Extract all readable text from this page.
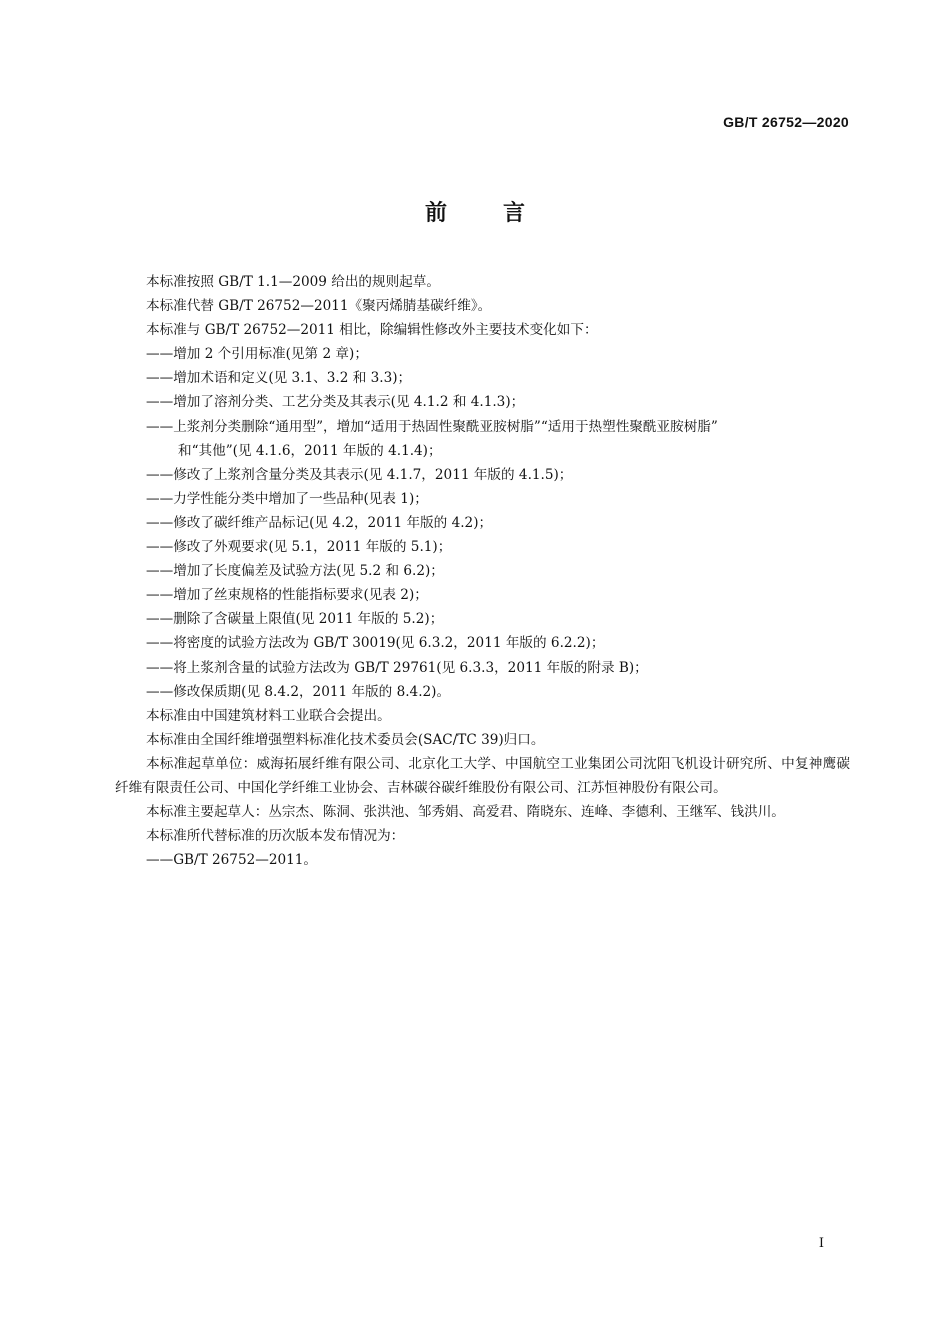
GB/T 26752—2020
前言

本标准按照 GB/T 1.1—2009 给出的规则起草。

本标准代替 GB/T 26752—2011《聚丙烯腈基碳纤维》。

本标准与 GB/T 26752—2011 相比，除编辑性修改外主要技术变化如下：

——增加 2 个引用标准(见第 2 章)；

——增加术语和定义(见 3.1、3.2 和 3.3)；

——增加了溶剂分类、工艺分类及其表示(见 4.1.2 和 4.1.3)；

——上浆剂分类删除“通用型”，增加“适用于热固性聚酰亚胺树脂”“适用于热塑性聚酰亚胺树脂”

和“其他”(见 4.1.6，2011 年版的 4.1.4)；

——修改了上浆剂含量分类及其表示(见 4.1.7，2011 年版的 4.1.5)；

——力学性能分类中增加了一些品种(见表 1)；

——修改了碳纤维产品标记(见 4.2，2011 年版的 4.2)；

——修改了外观要求(见 5.1，2011 年版的 5.1)；

——增加了长度偏差及试验方法(见 5.2 和 6.2)；

——增加了丝束规格的性能指标要求(见表 2)；

——删除了含碳量上限值(见 2011 年版的 5.2)；

——将密度的试验方法改为 GB/T 30019(见 6.3.2，2011 年版的 6.2.2)；

——将上浆剂含量的试验方法改为 GB/T 29761(见 6.3.3，2011 年版的附录 B)；

——修改保质期(见 8.4.2，2011 年版的 8.4.2)。

本标准由中国建筑材料工业联合会提出。

本标准由全国纤维增强塑料标准化技术委员会(SAC/TC 39)归口。

本标准起草单位：威海拓展纤维有限公司、北京化工大学、中国航空工业集团公司沈阳飞机设计研究所、中复神鹰碳纤维有限责任公司、中国化学纤维工业协会、吉林碳谷碳纤维股份有限公司、江苏恒神股份有限公司。

本标准主要起草人：丛宗杰、陈洞、张洪池、邹秀娟、高爱君、隋晓东、连峰、李德利、王继军、钱洪川。

本标准所代替标准的历次版本发布情况为：

——GB/T 26752—2011。

I
